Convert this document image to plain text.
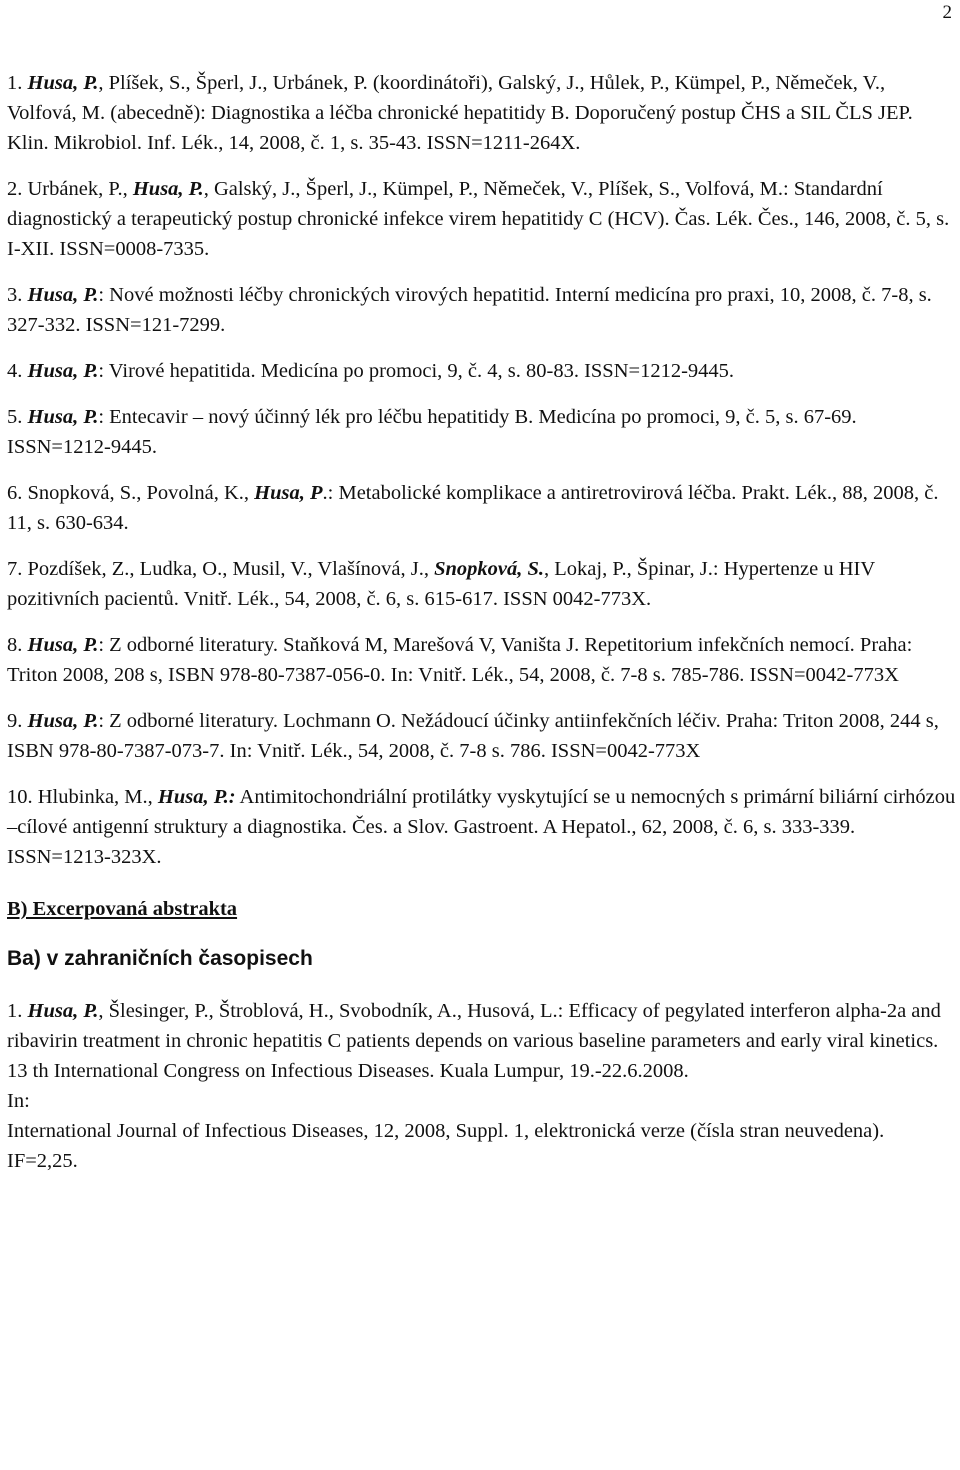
2
1. Husa, P., Plíšek, S., Šperl, J., Urbánek, P. (koordinátoři), Galský, J., Hůlek, P., Kümpel, P., Němeček, V., Volfová, M. (abecedně): Diagnostika a léčba chronické hepatitidy B. Doporučený postup ČHS a SIL ČLS JEP. Klin. Mikrobiol. Inf. Lék., 14, 2008, č. 1, s. 35-43. ISSN=1211-264X.
2. Urbánek, P., Husa, P., Galský, J., Šperl, J., Kümpel, P., Němeček, V., Plíšek, S., Volfová, M.: Standardní diagnostický a terapeutický postup chronické infekce virem hepatitidy C (HCV). Čas. Lék. Čes., 146, 2008, č. 5, s. I-XII. ISSN=0008-7335.
3. Husa, P.: Nové možnosti léčby chronických virových hepatitid. Interní medicína pro praxi, 10, 2008, č. 7-8, s. 327-332. ISSN=121-7299.
4. Husa, P.: Virové hepatitida. Medicína po promoci, 9, č. 4, s. 80-83. ISSN=1212-9445.
5. Husa, P.: Entecavir – nový účinný lék pro léčbu hepatitidy B. Medicína po promoci, 9, č. 5, s. 67-69. ISSN=1212-9445.
6. Snopková, S., Povolná, K., Husa, P.: Metabolické komplikace a antiretrovirová léčba. Prakt. Lék., 88, 2008, č. 11, s. 630-634.
7. Pozdíšek, Z., Ludka, O., Musil, V., Vlašínová, J., Snopková, S., Lokaj, P., Špinar, J.: Hypertenze u HIV pozitivních pacientů. Vnitř. Lék., 54, 2008, č. 6, s. 615-617. ISSN 0042-773X.
8. Husa, P.: Z odborné literatury. Staňková M, Marešová V, Vaništa J. Repetitorium infekčních nemocí. Praha: Triton 2008, 208 s, ISBN 978-80-7387-056-0. In: Vnitř. Lék., 54, 2008, č. 7-8 s. 785-786. ISSN=0042-773X
9. Husa, P.: Z odborné literatury. Lochmann O. Nežádoucí účinky antiinfekčních léčiv. Praha: Triton 2008, 244 s, ISBN 978-80-7387-073-7. In: Vnitř. Lék., 54, 2008, č. 7-8 s. 786. ISSN=0042-773X
10. Hlubinka, M., Husa, P.: Antimitochondriální protilátky vyskytující se u nemocných s primární biliární cirhózou –cílové antigenní struktury a diagnostika. Čes. a Slov. Gastroent. A Hepatol., 62, 2008, č. 6, s. 333-339. ISSN=1213-323X.
B) Excerpovaná abstrakta
Ba) v zahraničních časopisech
1. Husa, P., Šlesinger, P., Štroblová, H., Svobodník, A., Husová, L.: Efficacy of pegylated interferon alpha-2a and ribavirin treatment in chronic hepatitis C patients depends on various baseline parameters and early viral kinetics. 13 th International Congress on Infectious Diseases. Kuala Lumpur, 19.-22.6.2008.
In:
International Journal of Infectious Diseases, 12, 2008, Suppl. 1, elektronická verze (čísla stran neuvedena). IF=2,25.
